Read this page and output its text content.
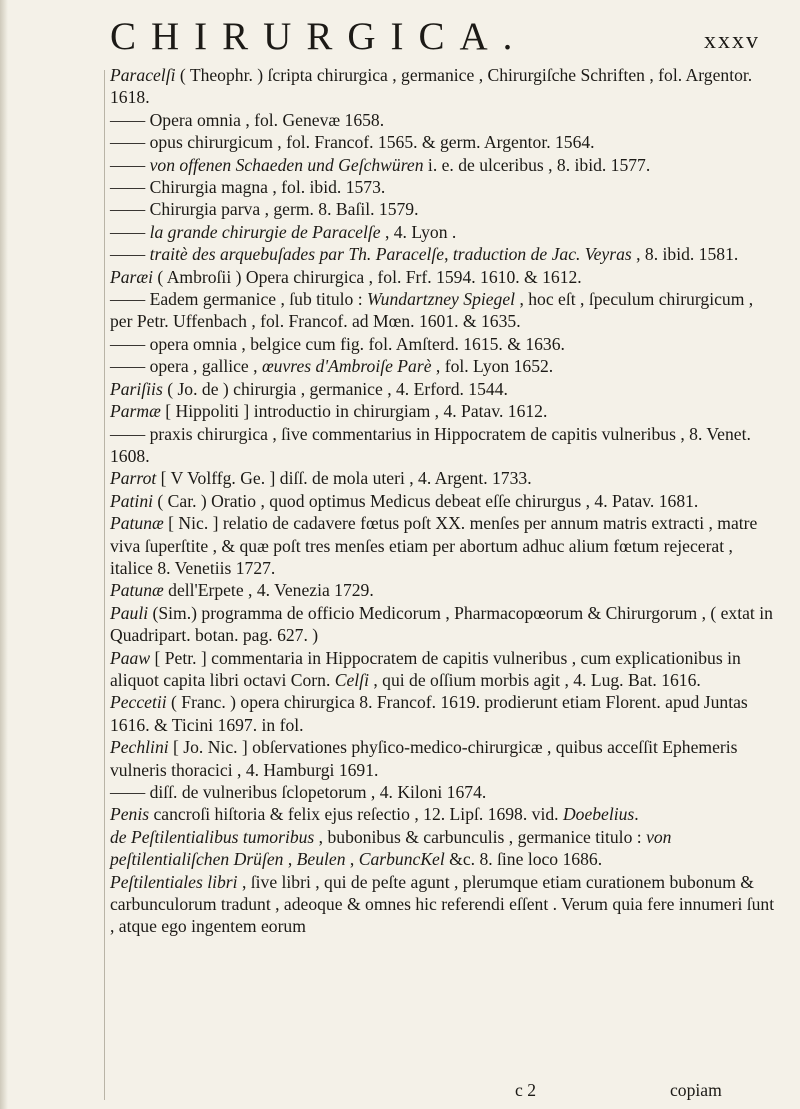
CHIRURGICA.	xxxv

Paracelſi ( Theophr. ) ſcripta chirurgica , germanice , Chirurgiſche Schriften , fol. Argentor. 1618.

—— Opera omnia , fol. Genevæ 1658.

—— opus chirurgicum , fol. Francof. 1565. & germ. Argentor. 1564.

—— von offenen Schaeden und Geſchwüren i. e. de ulceribus , 8. ibid. 1577.

—— Chirurgia magna , fol. ibid. 1573.

—— Chirurgia parva , germ. 8. Baſil. 1579.

—— la grande chirurgie de Paracelſe , 4. Lyon .

—— traitè des arquebuſades par Th. Paracelſe, traduction de Jac. Veyras , 8. ibid. 1581.

Paræi ( Ambroſii ) Opera chirurgica , fol. Frf. 1594. 1610. & 1612.

—— Eadem germanice , ſub titulo : Wundartzney Spiegel , hoc eſt , ſpeculum chirurgicum , per Petr. Uffenbach , fol. Francof. ad Mœn. 1601. & 1635.

—— opera omnia , belgice cum fig. fol. Amſterd. 1615. & 1636.

—— opera , gallice , œuvres d'Ambroiſe Parè , fol. Lyon 1652.

Pariſiis ( Jo. de ) chirurgia , germanice , 4. Erford. 1544.

Parmæ [ Hippoliti ] introductio in chirurgiam , 4. Patav. 1612.

—— praxis chirurgica , ſive commentarius in Hippocratem de capitis vulneribus , 8. Venet. 1608.

Parrot [ V Volffg. Ge. ] diſſ. de mola uteri , 4. Argent. 1733.

Patini ( Car. ) Oratio , quod optimus Medicus debeat eſſe chirurgus , 4. Patav. 1681.

Patunæ [ Nic. ] relatio de cadavere fœtus poſt XX. menſes per annum matris extracti , matre viva ſuperſtite , & quæ poſt tres menſes etiam per abortum adhuc alium fœtum rejecerat , italice 8. Venetiis 1727.

Patunæ dell'Erpete , 4. Venezia 1729.

Pauli (Sim.) programma de officio Medicorum , Pharmacopœorum & Chirurgorum , ( extat in Quadripart. botan. pag. 627. )

Paaw [ Petr. ] commentaria in Hippocratem de capitis vulneribus , cum explicationibus in aliquot capita libri octavi Corn. Celſi , qui de oſſium morbis agit , 4. Lug. Bat. 1616.

Peccetii ( Franc. ) opera chirurgica 8. Francof. 1619. prodierunt etiam Florent. apud Juntas 1616. & Ticini 1697. in fol.

Pechlini [ Jo. Nic. ] obſervationes phyſico-medico-chirurgicæ , quibus acceſſit Ephemeris vulneris thoracici , 4. Hamburgi 1691.

—— diſſ. de vulneribus ſclopetorum , 4. Kiloni 1674.

Penis cancroſi hiſtoria & felix ejus reſectio , 12. Lipſ. 1698. vid. Doebelius.

de Peſtilentialibus tumoribus , bubonibus & carbunculis , germanice titulo : von peſtilentialiſchen Drüſen , Beulen , CarbuncKel &c. 8. ſine loco 1686.

Peſtilentiales libri , ſive libri , qui de peſte agunt , plerumque etiam curationem bubonum & carbunculorum tradunt , adeoque & omnes hic referendi eſſent . Verum quia fere innumeri ſunt , atque ego ingentem eorum

c 2	copiam
